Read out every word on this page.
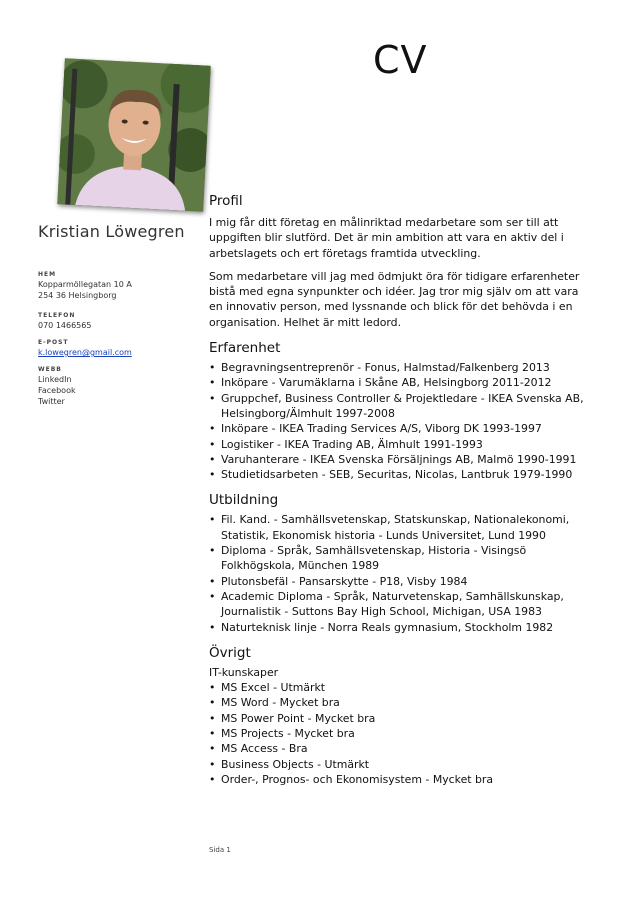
CV
Kristian Löwegren
HEM
Kopparmöllegatan 10 A
254 36 Helsingborg
TELEFON
070 1466565
E-POST
k.lowegren@gmail.com
WEBB
LinkedIn
Facebook
Twitter
Profil

I mig får ditt företag en målinriktad medarbetare som ser till att uppgiften blir slutförd. Det är min ambition att vara en aktiv del i arbetslagets och ert företags framtida utveckling.

Som medarbetare vill jag med ödmjukt öra för tidigare erfarenheter bistå med egna synpunkter och idéer. Jag tror mig själv om att vara en innovativ person, med lyssnande och blick för det behövda i en organisation. Helhet är mitt ledord.

Erfarenhet
• Begravningsentreprenör - Fonus, Halmstad/Falkenberg 2013
• Inköpare - Varumäklarna i Skåne AB, Helsingborg 2011-2012
• Gruppchef, Business Controller & Projektledare - IKEA Svenska AB, Helsingborg/Älmhult 1997-2008
• Inköpare - IKEA Trading Services A/S, Viborg DK 1993-1997
• Logistiker - IKEA Trading AB, Älmhult 1991-1993
• Varuhanterare - IKEA Svenska Försäljnings AB, Malmö 1990-1991
• Studietidsarbeten - SEB, Securitas, Nicolas, Lantbruk 1979-1990
Utbildning
• Fil. Kand. - Samhällsvetenskap, Statskunskap, Nationalekonomi, Statistik, Ekonomisk historia - Lunds Universitet, Lund 1990
• Diploma - Språk, Samhällsvetenskap, Historia - Visingsö Folkhögskola, München 1989
• Plutonsbefäl - Pansarskytte - P18, Visby 1984
• Academic Diploma - Språk, Naturvetenskap, Samhällskunskap, Journalistik - Suttons Bay High School, Michigan, USA 1983
• Naturteknisk linje - Norra Reals gymnasium, Stockholm 1982
Övrigt
IT-kunskaper
• MS Excel - Utmärkt
• MS Word - Mycket bra
• MS Power Point - Mycket bra
• MS Projects - Mycket bra
• MS Access - Bra
• Business Objects - Utmärkt
• Order-, Prognos- och Ekonomisystem - Mycket bra
Sida 1
